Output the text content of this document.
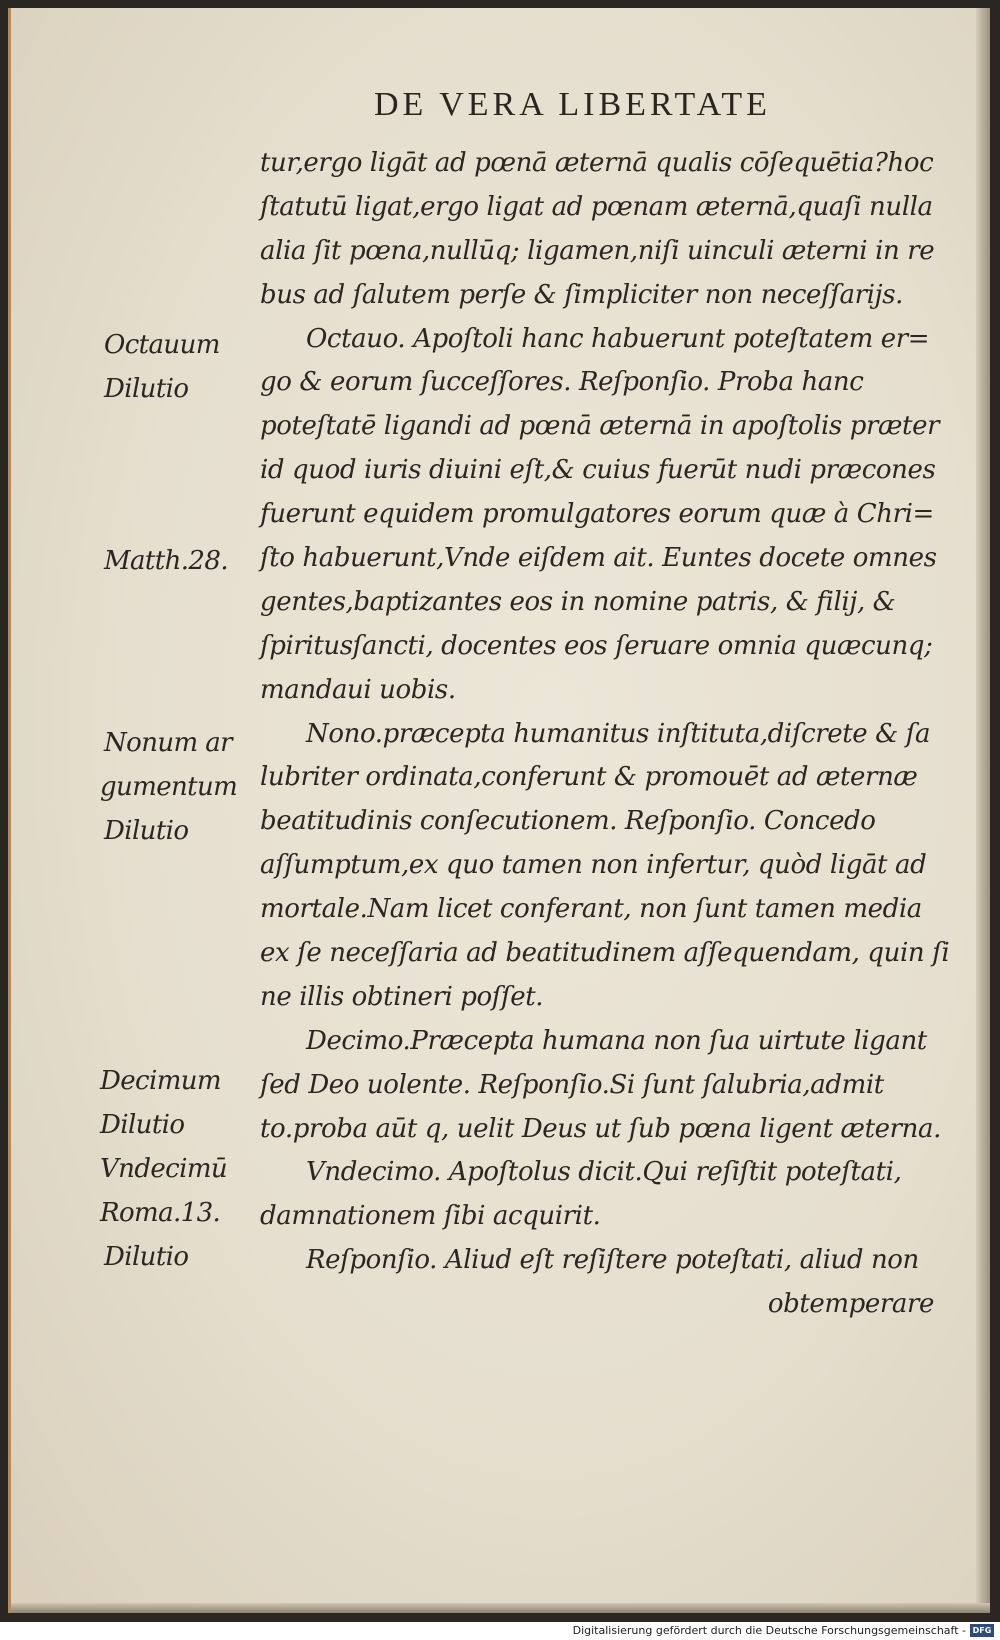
DE VERA LIBERTATE
tur,ergo ligāt ad pœnā æternā qualis cōſequētia?hoc
ſtatutū ligat,ergo ligat ad pœnam æternā,quaſi nulla
alia ſit pœna,nullūq; ligamen,niſi uinculi æterni in re
bus ad ſalutem perſe & ſimpliciter non neceſſarijs.
Octauo. Apoſtoli hanc habuerunt poteſtatem er=
go & eorum ſucceſſores. Reſponſio. Proba hanc
poteſtatē ligandi ad pœnā æternā in apoſtolis præter
id quod iuris diuini eſt,& cuius fuerūt nudi præcones
fuerunt equidem promulgatores eorum quæ à Chri=
ſto habuerunt,Vnde eiſdem ait. Euntes docete omnes
gentes,baptizantes eos in nomine patris, & filij, &
ſpiritusſancti, docentes eos ſeruare omnia quæcunq;
mandaui uobis.
Nono.præcepta humanitus inſtituta,diſcrete & ſa
lubriter ordinata,conferunt & promouēt ad æternæ
beatitudinis conſecutionem. Reſponſio. Concedo
aſſumptum,ex quo tamen non infertur, quòd ligāt ad
mortale.Nam licet conferant, non ſunt tamen media
ex ſe neceſſaria ad beatitudinem aſſequendam, quin ſi
ne illis obtineri poſſet.
Decimo.Præcepta humana non ſua uirtute ligant
ſed Deo uolente. Reſponſio.Si ſunt ſalubria,admit
to.proba aūt q, uelit Deus ut ſub pœna ligent æterna.
Vndecimo. Apoſtolus dicit.Qui reſiſtit poteſtati,
damnationem ſibi acquirit.
Reſponſio. Aliud eſt reſiſtere poteſtati, aliud non
obtemperare
Octauum
Dilutio
Matth.28.
Nonum ar
gumentum
Dilutio
Decimum
Dilutio
Vndecimū
Roma.13.
Dilutio
Digitalisierung gefördert durch die Deutsche Forschungsgemeinschaft - DFG
